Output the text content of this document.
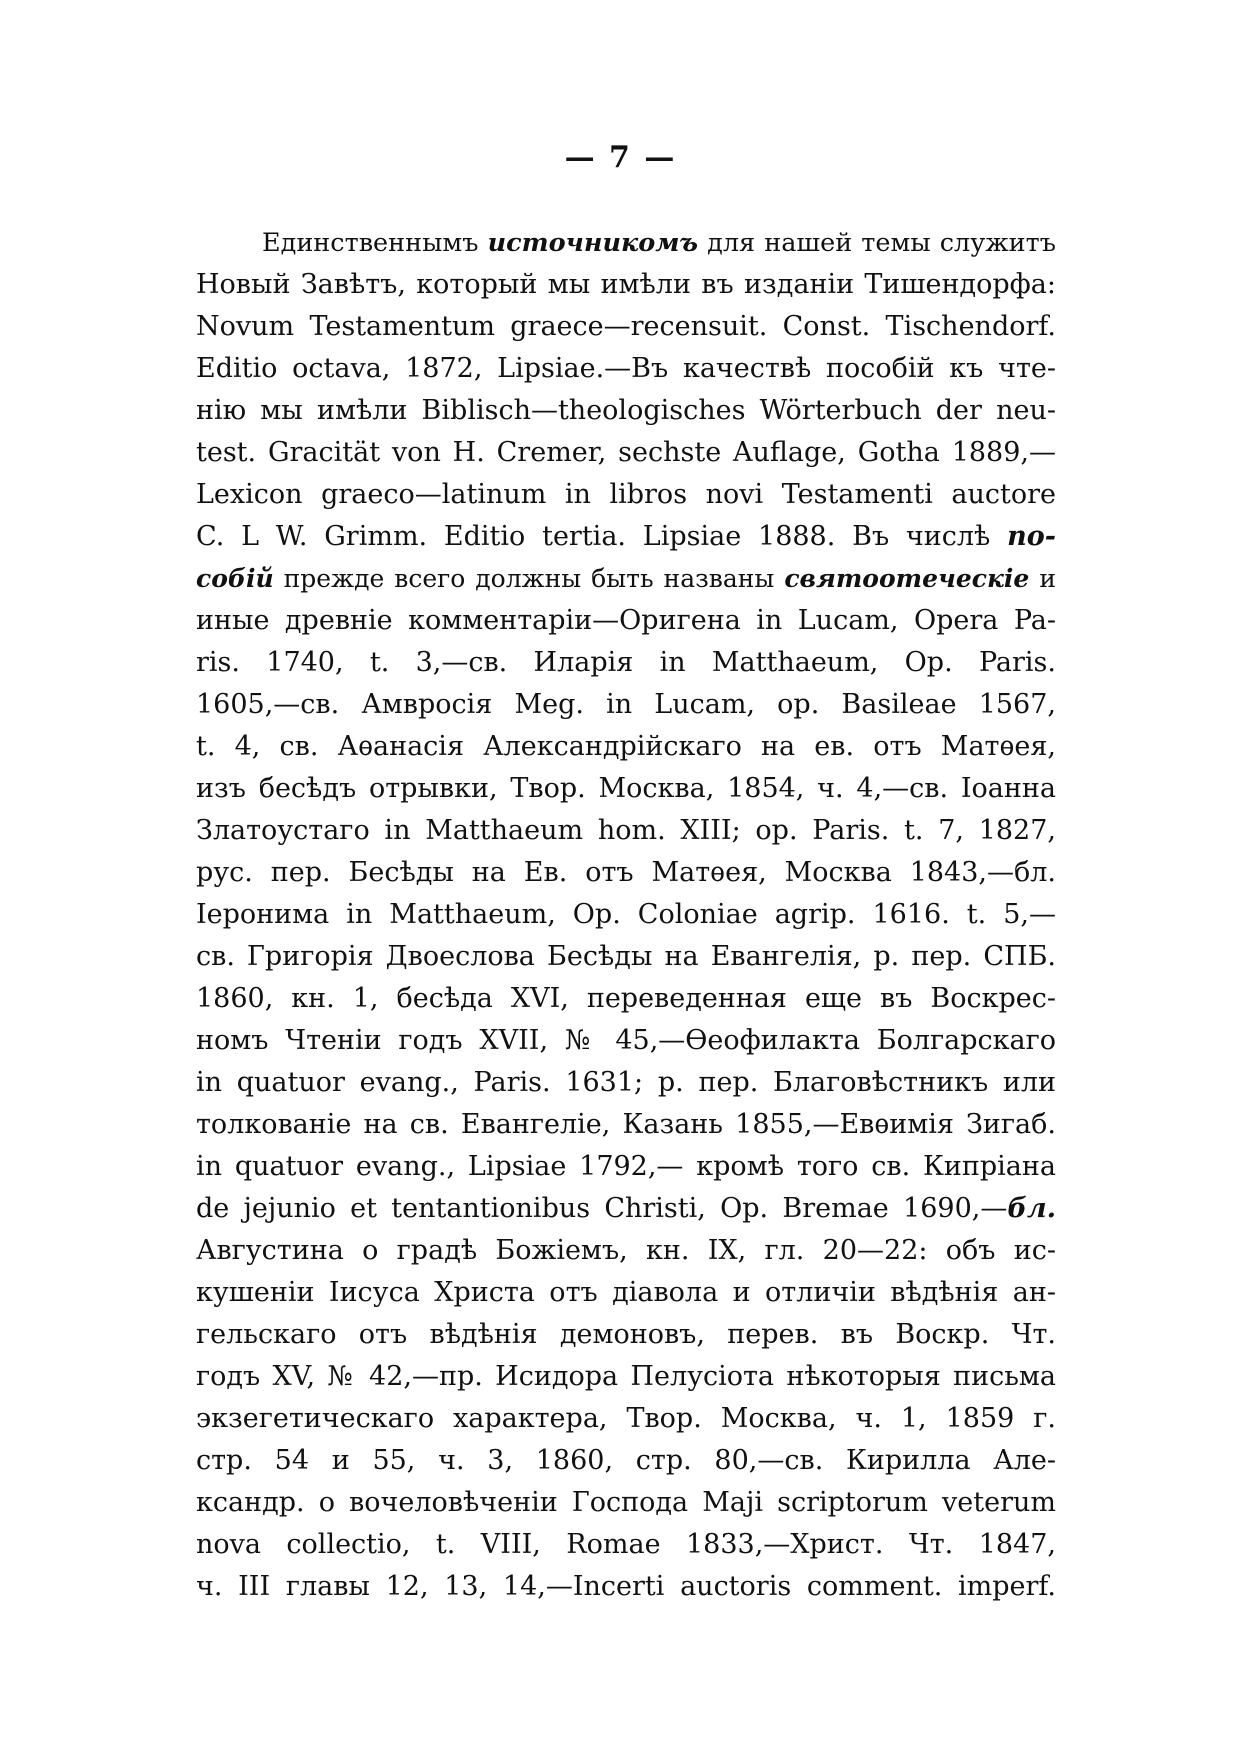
— 7 —
Единственнымъ источникомъ для нашей темы служитъ
Новый Завѣтъ, который мы имѣли въ изданіи Тишендорфа:
Novum Testamentum graece—recensuit. Const. Tischendorf.
Editio octava, 1872, Lipsiae.—Въ качествѣ пособій къ чте-
нію мы имѣли Biblisch—theologisches Wörterbuch der neu-
test. Gracität von H. Cremer, sechste Auflage, Gotha 1889,—
Lexicon graeco—latinum in libros novi Testamenti auctore
C. L W. Grimm. Editio tertia. Lipsiae 1888. Въ числѣ по-
собій прежде всего должны быть названы святоотеческіе и
иные древніе комментаріи—Оригена in Lucam, Opera Pa-
ris. 1740, t. 3,—св. Иларія in Matthaeum, Op. Paris.
1605,—св. Амвросія Meg. in Lucam, op. Basileae 1567,
t. 4, св. Аѳанасія Александрійскаго на ев. отъ Матѳея,
изъ бесѣдъ отрывки, Твор. Москва, 1854, ч. 4,—св. Іоанна
Златоустаго in Matthaeum hom. XIII; op. Paris. t. 7, 1827,
рус. пер. Бесѣды на Ев. отъ Матѳея, Москва 1843,—бл.
Іеронима in Matthaeum, Op. Coloniae agrip. 1616. t. 5,—
св. Григорія Двоеслова Бесѣды на Евангелія, р. пер. СПБ.
1860, кн. 1, бесѣда XVI, переведенная еще въ Воскрес-
номъ Чтеніи годъ XVII, № 45,—Ѳеофилакта Болгарскаго
in quatuor evang., Paris. 1631; р. пер. Благовѣстникъ или
толкованіе на св. Евангеліе, Казань 1855,—Евѳимія Зигаб.
in quatuor evang., Lipsiae 1792,— кромѣ того св. Кипріана
de jejunio et tentantionibus Christi, Op. Bremae 1690,—бл.
Августина о градѣ Божіемъ, кн. IX, гл. 20—22: объ ис-
кушеніи Іисуса Христа отъ діавола и отличіи вѣдѣнія ан-
гельскаго отъ вѣдѣнія демоновъ, перев. въ Воскр. Чт.
годъ XV, № 42,—пр. Исидора Пелусіота нѣкоторыя письма
экзегетическаго характера, Твор. Москва, ч. 1, 1859 г.
стр. 54 и 55, ч. 3, 1860, стр. 80,—св. Кирилла Але-
ксандр. о вочеловѣченіи Господа Maji scriptorum veterum
nova collectio, t. VIII, Romae 1833,—Христ. Чт. 1847,
ч. III главы 12, 13, 14,—Incerti auctoris comment. imperf.
